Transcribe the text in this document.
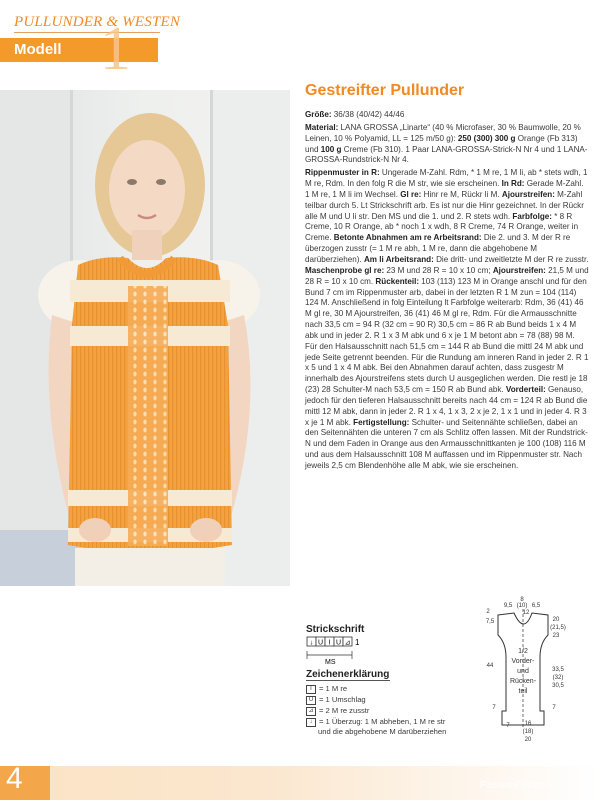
PULLUNDER & WESTEN
Modell 1
Gestreifter Pullunder

Größe: 36/38 (40/42) 44/46

Material: LANA GROSSA „Linarte“ (40 % Microfaser, 30 % Baumwolle, 20 % Leinen, 10 % Polyamid, LL = 125 m/50 g): 250 (300) 300 g Orange (Fb 313) und 100 g Creme (Fb 310). 1 Paar LANA-GROSSA-Strick-N Nr 4 und 1 LANA-GROSSA-Rundstrick-N Nr 4.

Rippenmuster in R: Ungerade M-Zahl. Rdm, * 1 M re, 1 M li, ab * stets wdh, 1 M re, Rdm. In den folg R die M str, wie sie erscheinen. In Rd: Gerade M-Zahl. 1 M re, 1 M li im Wechsel. Gl re: Hinr re M, Rückr li M. Ajourstreifen: M-Zahl teilbar durch 5. Lt Strickschrift arb. Es ist nur die Hinr gezeichnet. In der Rückr alle M und U li str. Den MS und die 1. und 2. R stets wdh. Farbfolge: * 8 R Creme, 10 R Orange, ab * noch 1 x wdh, 8 R Creme, 74 R Orange, weiter in Creme. Betonte Abnahmen am re Arbeitsrand: Die 2. und 3. M der R re überzogen zusstr (= 1 M re abh, 1 M re, dann die abgehobene M darüberziehen). Am li Arbeitsrand: Die dritt- und zweitletzte M der R re zusstr. Maschenprobe gl re: 23 M und 28 R = 10 x 10 cm; Ajourstreifen: 21,5 M und 28 R = 10 x 10 cm. Rückenteil: 103 (113) 123 M in Orange anschl und für den Bund 7 cm im Rippenmuster arb, dabei in der letzten R 1 M zun = 104 (114) 124 M. Anschließend in folg Einteilung lt Farbfolge weiterarb: Rdm, 36 (41) 46 M gl re, 30 M Ajourstreifen, 36 (41) 46 M gl re, Rdm. Für die Armausschnitte nach 33,5 cm = 94 R (32 cm = 90 R) 30,5 cm = 86 R ab Bund beids 1 x 4 M abk und in jeder 2. R 1 x 3 M abk und 6 x je 1 M betont abn = 78 (88) 98 M. Für den Halsausschnitt nach 51,5 cm = 144 R ab Bund die mittl 24 M abk und jede Seite getrennt beenden. Für die Rundung am inneren Rand in jeder 2. R 1 x 5 und 1 x 4 M abk. Bei den Abnahmen darauf achten, dass zusgestr M innerhalb des Ajourstreifens stets durch U ausgeglichen werden. Die restl je 18 (23) 28 Schulter-M nach 53,5 cm = 150 R ab Bund abk. Vorderteil: Genauso, jedoch für den tieferen Halsausschnitt bereits nach 44 cm = 124 R ab Bund die mittl 12 M abk, dann in jeder 2. R 1 x 4, 1 x 3, 2 x je 2, 1 x 1 und in jeder 4. R 3 x je 1 M abk. Fertigstellung: Schulter- und Seitennähte schließen, dabei an den Seitennähten die unteren 7 cm als Schlitz offen lassen. Mit der Rundstrick-N und dem Faden in Orange aus den Armausschnittkanten je 100 (108) 116 M und aus dem Halsausschnitt 108 M auffassen und im Rippenmuster str. Nach jeweils 2,5 cm Blendenhöhe alle M abk, wie sie erscheinen.

Strickschrift
↓ U I U ⊿ 1
MS
Zeichenerklärung
I = 1 M re
U = 1 Umschlag
⊿ = 2 M re zusstr
↓ = 1 Überzug: 1 M abheben, 1 M re str
und die abgehobene M darüberziehen
8
9,5 (10) 6,5
12
2
7,5	20
(21,5)
23
1/2
Vorder-
und
Rücken-
teil
44
33,5
(32)
30,5
7	7
7 16
(18)
20
4	PassionForum.ru
